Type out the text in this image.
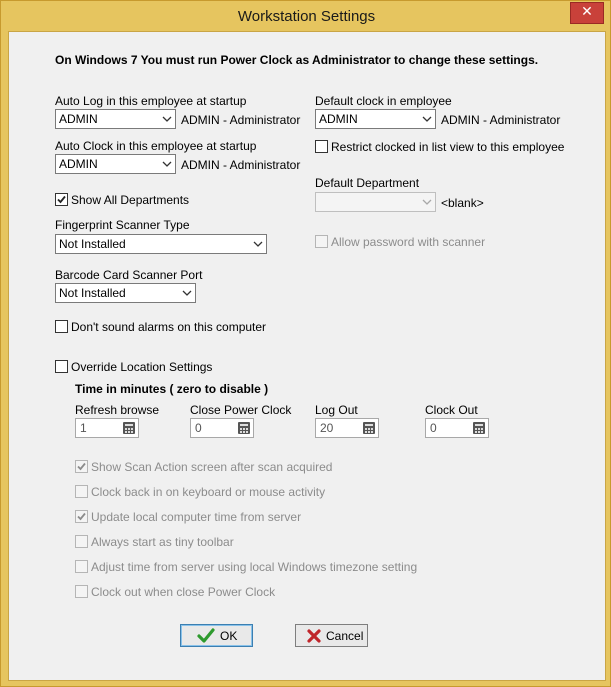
Workstation Settings	✕
On Windows 7 You must run Power Clock as Administrator to change these settings.
Auto Log in this employee at startup
ADMIN	ADMIN - Administrator
Auto Clock in this employee at startup
ADMIN	ADMIN - Administrator
Show All Departments
Fingerprint Scanner Type
Not Installed
Barcode Card Scanner Port
Not Installed
Don't sound alarms on this computer
Default clock in employee
ADMIN	ADMIN - Administrator
Restrict clocked in list view to this employee
Default Department
<blank>
Allow password with scanner
Override Location Settings
Time in minutes ( zero to disable )
Refresh browse
1
Close Power Clock
0
Log Out
20
Clock Out
0
Show Scan Action screen after scan acquired
Clock back in on keyboard or mouse activity
Update local computer time from server
Always start as tiny toolbar
Adjust time from server using local Windows timezone setting
Clock out when close Power Clock
OK	Cancel
